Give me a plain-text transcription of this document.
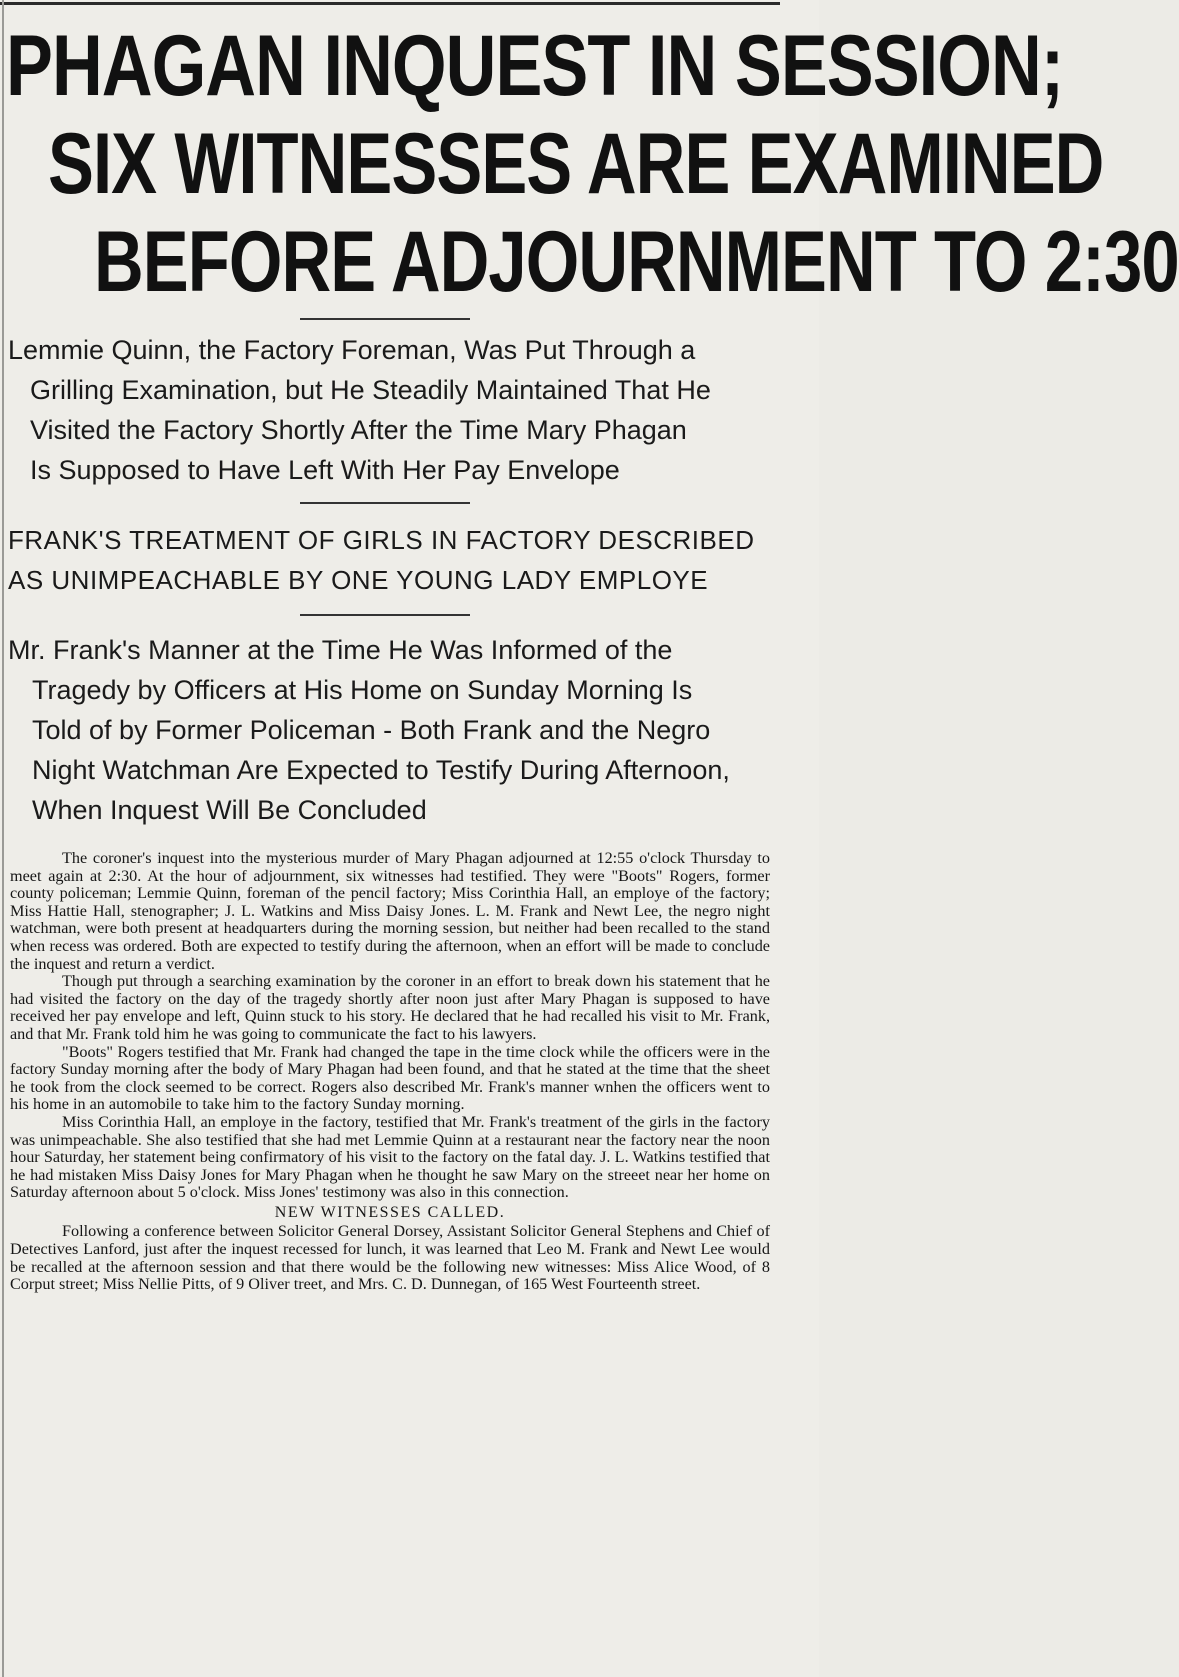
PHAGAN INQUEST IN SESSION;
SIX WITNESSES ARE EXAMINED
BEFORE ADJOURNMENT TO 2:30
Lemmie Quinn, the Factory Foreman, Was Put Through a
Grilling Examination, but He Steadily Maintained That He
Visited the Factory Shortly After the Time Mary Phagan
Is Supposed to Have Left With Her Pay Envelope
FRANK'S TREATMENT OF GIRLS IN FACTORY DESCRIBED
AS UNIMPEACHABLE BY ONE YOUNG LADY EMPLOYE
Mr. Frank's Manner at the Time He Was Informed of the
Tragedy by Officers at His Home on Sunday Morning Is
Told of by Former Policeman - Both Frank and the Negro
Night Watchman Are Expected to Testify During Afternoon,
When Inquest Will Be Concluded

The coroner's inquest into the mysterious murder of Mary Phagan adjourned at 12:55 o'clock Thursday to meet again at 2:30. At the hour of adjournment, six witnesses had testified. They were "Boots" Rogers, former county policeman; Lemmie Quinn, foreman of the pencil factory; Miss Corinthia Hall, an employe of the factory; Miss Hattie Hall, stenographer; J. L. Watkins and Miss Daisy Jones. L. M. Frank and Newt Lee, the negro night watchman, were both present at headquarters during the morning session, but neither had been recalled to the stand when recess was ordered. Both are expected to testify during the afternoon, when an effort will be made to conclude the inquest and return a verdict.

Though put through a searching examination by the coroner in an effort to break down his statement that he had visited the factory on the day of the tragedy shortly after noon just after Mary Phagan is supposed to have received her pay envelope and left, Quinn stuck to his story. He declared that he had recalled his visit to Mr. Frank, and that Mr. Frank told him he was going to communicate the fact to his lawyers.

"Boots" Rogers testified that Mr. Frank had changed the tape in the time clock while the officers were in the factory Sunday morning after the body of Mary Phagan had been found, and that he stated at the time that the sheet he took from the clock seemed to be correct. Rogers also described Mr. Frank's manner wnhen the officers went to his home in an automobile to take him to the factory Sunday morning.

Miss Corinthia Hall, an employe in the factory, testified that Mr. Frank's treatment of the girls in the factory was unimpeachable. She also testified that she had met Lemmie Quinn at a restaurant near the factory near the noon hour Saturday, her statement being confirmatory of his visit to the factory on the fatal day. J. L. Watkins testified that he had mistaken Miss Daisy Jones for Mary Phagan when he thought he saw Mary on the streeet near her home on Saturday afternoon about 5 o'clock. Miss Jones' testimony was also in this connection.

NEW WITNESSES CALLED.

Following a conference between Solicitor General Dorsey, Assistant Solicitor General Stephens and Chief of Detectives Lanford, just after the inquest recessed for lunch, it was learned that Leo M. Frank and Newt Lee would be recalled at the afternoon session and that there would be the following new witnesses: Miss Alice Wood, of 8 Corput street; Miss Nellie Pitts, of 9 Oliver treet, and Mrs. C. D. Dunnegan, of 165 West Fourteenth street.
